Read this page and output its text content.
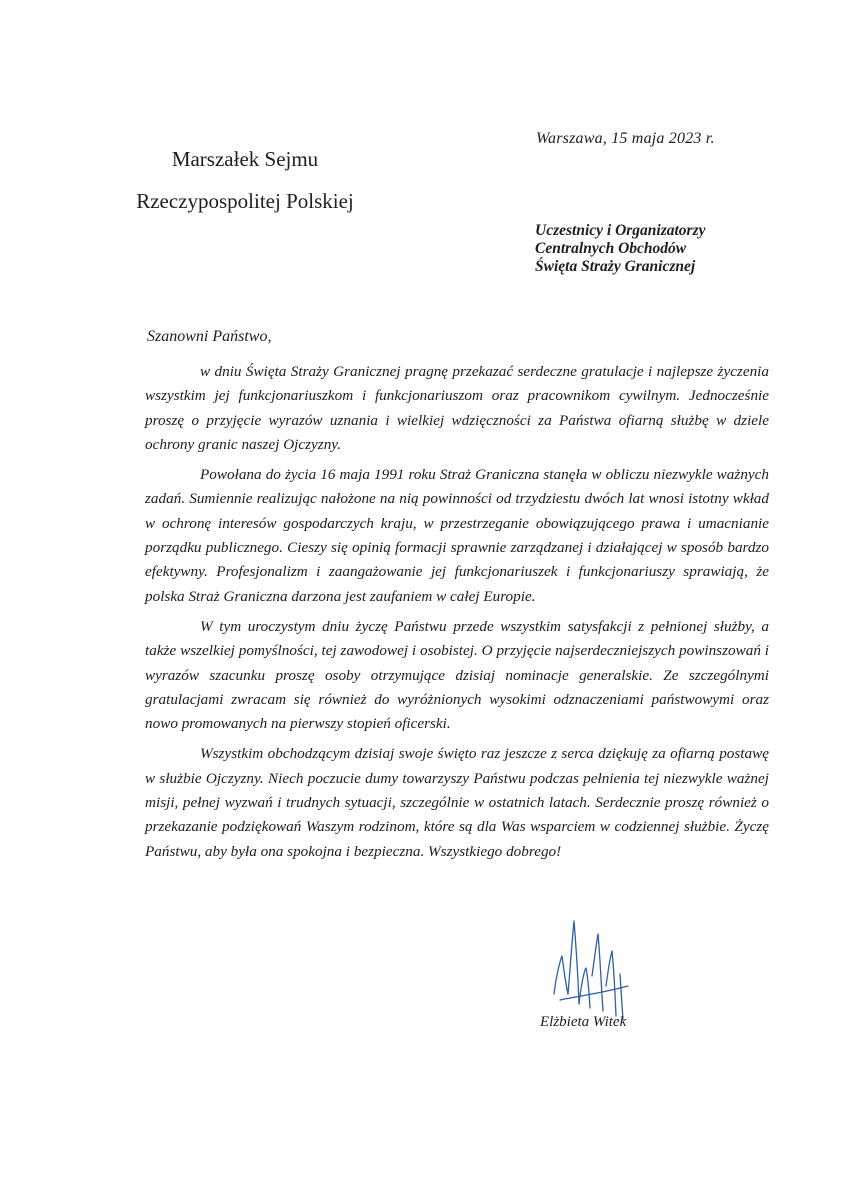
Warszawa, 15 maja 2023 r.
Marszałek Sejmu
Rzeczypospolitej Polskiej
Uczestnicy i Organizatorzy
Centralnych Obchodów
Święta Straży Granicznej
Szanowni Państwo,

w dniu Święta Straży Granicznej pragnę przekazać serdeczne gratulacje i najlepsze życzenia wszystkim jej funkcjonariuszkom i funkcjonariuszom oraz pracownikom cywilnym. Jednocześnie proszę o przyjęcie wyrazów uznania i wielkiej wdzięczności za Państwa ofiarną służbę w dziele ochrony granic naszej Ojczyzny.

Powołana do życia 16 maja 1991 roku Straż Graniczna stanęła w obliczu niezwykle ważnych zadań. Sumiennie realizując nałożone na nią powinności od trzydziestu dwóch lat wnosi istotny wkład w ochronę interesów gospodarczych kraju, w przestrzeganie obowiązującego prawa i umacnianie porządku publicznego. Cieszy się opinią formacji sprawnie zarządzanej i działającej w sposób bardzo efektywny. Profesjonalizm i zaangażowanie jej funkcjonariuszek i funkcjonariuszy sprawiają, że polska Straż Graniczna darzona jest zaufaniem w całej Europie.

W tym uroczystym dniu życzę Państwu przede wszystkim satysfakcji z pełnionej służby, a także wszelkiej pomyślności, tej zawodowej i osobistej. O przyjęcie najserdeczniejszych powinszowań i wyrazów szacunku proszę osoby otrzymujące dzisiaj nominacje generalskie. Ze szczególnymi gratulacjami zwracam się również do wyróżnionych wysokimi odznaczeniami państwowymi oraz nowo promowanych na pierwszy stopień oficerski.

Wszystkim obchodzącym dzisiaj swoje święto raz jeszcze z serca dziękuję za ofiarną postawę w służbie Ojczyzny. Niech poczucie dumy towarzyszy Państwu podczas pełnienia tej niezwykle ważnej misji, pełnej wyzwań i trudnych sytuacji, szczególnie w ostatnich latach. Serdecznie proszę również o przekazanie podziękowań Waszym rodzinom, które są dla Was wsparciem w codziennej służbie. Życzę Państwu, aby była ona spokojna i bezpieczna. Wszystkiego dobrego!

Elżbieta Witek
